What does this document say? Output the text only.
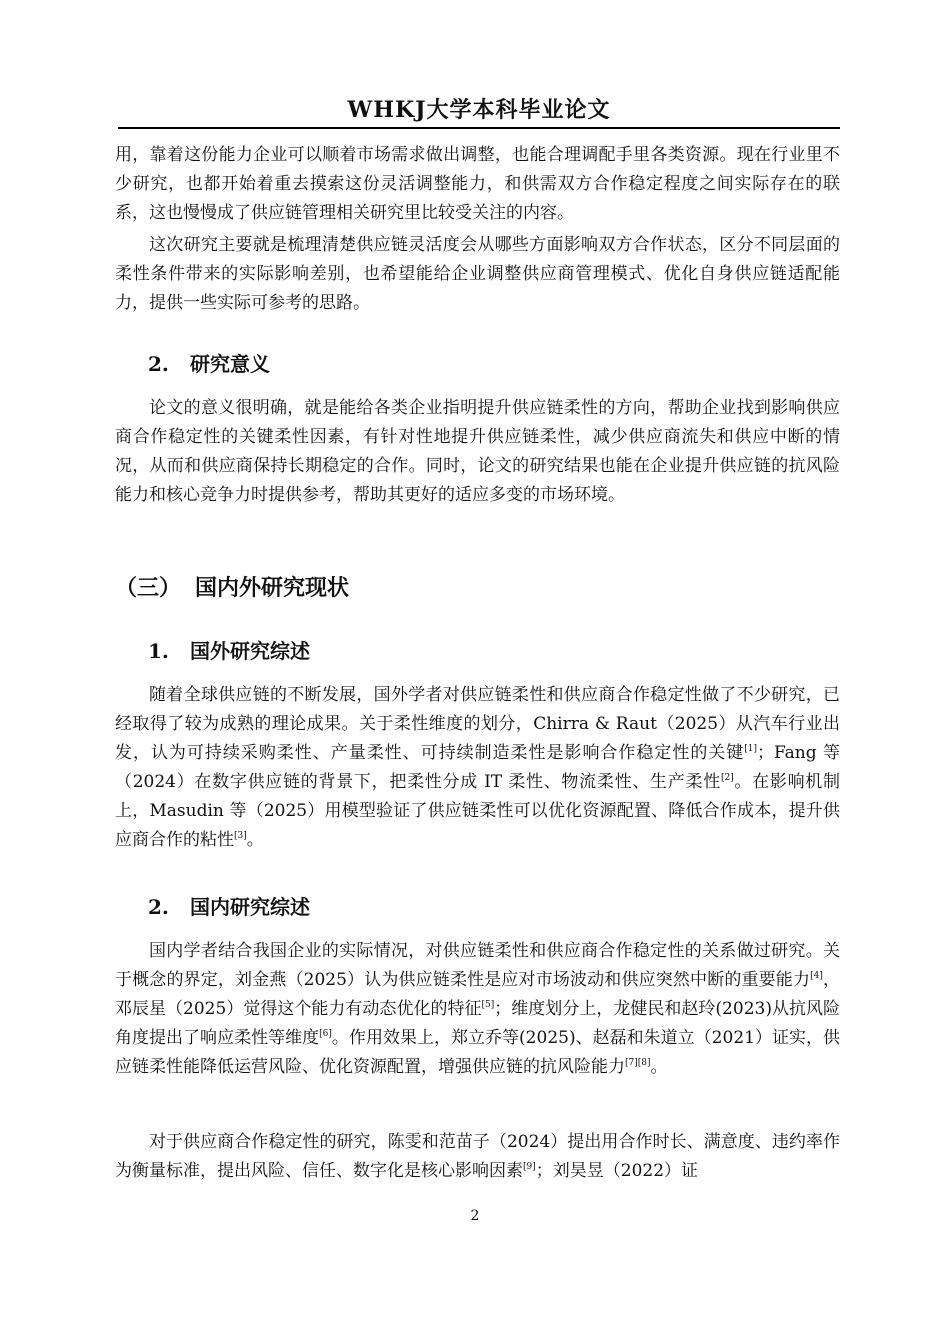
WHKJ大学本科毕业论文

用，靠着这份能力企业可以顺着市场需求做出调整，也能合理调配手里各类资源。现在行业里不少研究，也都开始着重去摸索这份灵活调整能力，和供需双方合作稳定程度之间实际存在的联系，这也慢慢成了供应链管理相关研究里比较受关注的内容。

这次研究主要就是梳理清楚供应链灵活度会从哪些方面影响双方合作状态，区分不同层面的柔性条件带来的实际影响差别，也希望能给企业调整供应商管理模式、优化自身供应链适配能力，提供一些实际可参考的思路。

2. 研究意义

论文的意义很明确，就是能给各类企业指明提升供应链柔性的方向，帮助企业找到影响供应商合作稳定性的关键柔性因素，有针对性地提升供应链柔性，减少供应商流失和供应中断的情况，从而和供应商保持长期稳定的合作。同时，论文的研究结果也能在企业提升供应链的抗风险能力和核心竞争力时提供参考，帮助其更好的适应多变的市场环境。

（三） 国内外研究现状
1. 国外研究综述

随着全球供应链的不断发展，国外学者对供应链柔性和供应商合作稳定性做了不少研究，已经取得了较为成熟的理论成果。关于柔性维度的划分，Chirra & Raut（2025）从汽车行业出发，认为可持续采购柔性、产量柔性、可持续制造柔性是影响合作稳定性的关键[1]；Fang 等（2024）在数字供应链的背景下，把柔性分成 IT 柔性、物流柔性、生产柔性[2]。在影响机制上，Masudin 等（2025）用模型验证了供应链柔性可以优化资源配置、降低合作成本，提升供应商合作的粘性[3]。

2. 国内研究综述

国内学者结合我国企业的实际情况，对供应链柔性和供应商合作稳定性的关系做过研究。关于概念的界定，刘金燕（2025）认为供应链柔性是应对市场波动和供应突然中断的重要能力[4]，邓辰星（2025）觉得这个能力有动态优化的特征[5]；维度划分上，龙健民和赵玲(2023)从抗风险角度提出了响应柔性等维度[6]。作用效果上，郑立乔等(2025)、赵磊和朱道立（2021）证实，供应链柔性能降低运营风险、优化资源配置，增强供应链的抗风险能力[7][8]。

对于供应商合作稳定性的研究，陈雯和范苗子（2024）提出用合作时长、满意度、违约率作为衡量标准，提出风险、信任、数字化是核心影响因素[9]；刘昊昱（2022）证

2
